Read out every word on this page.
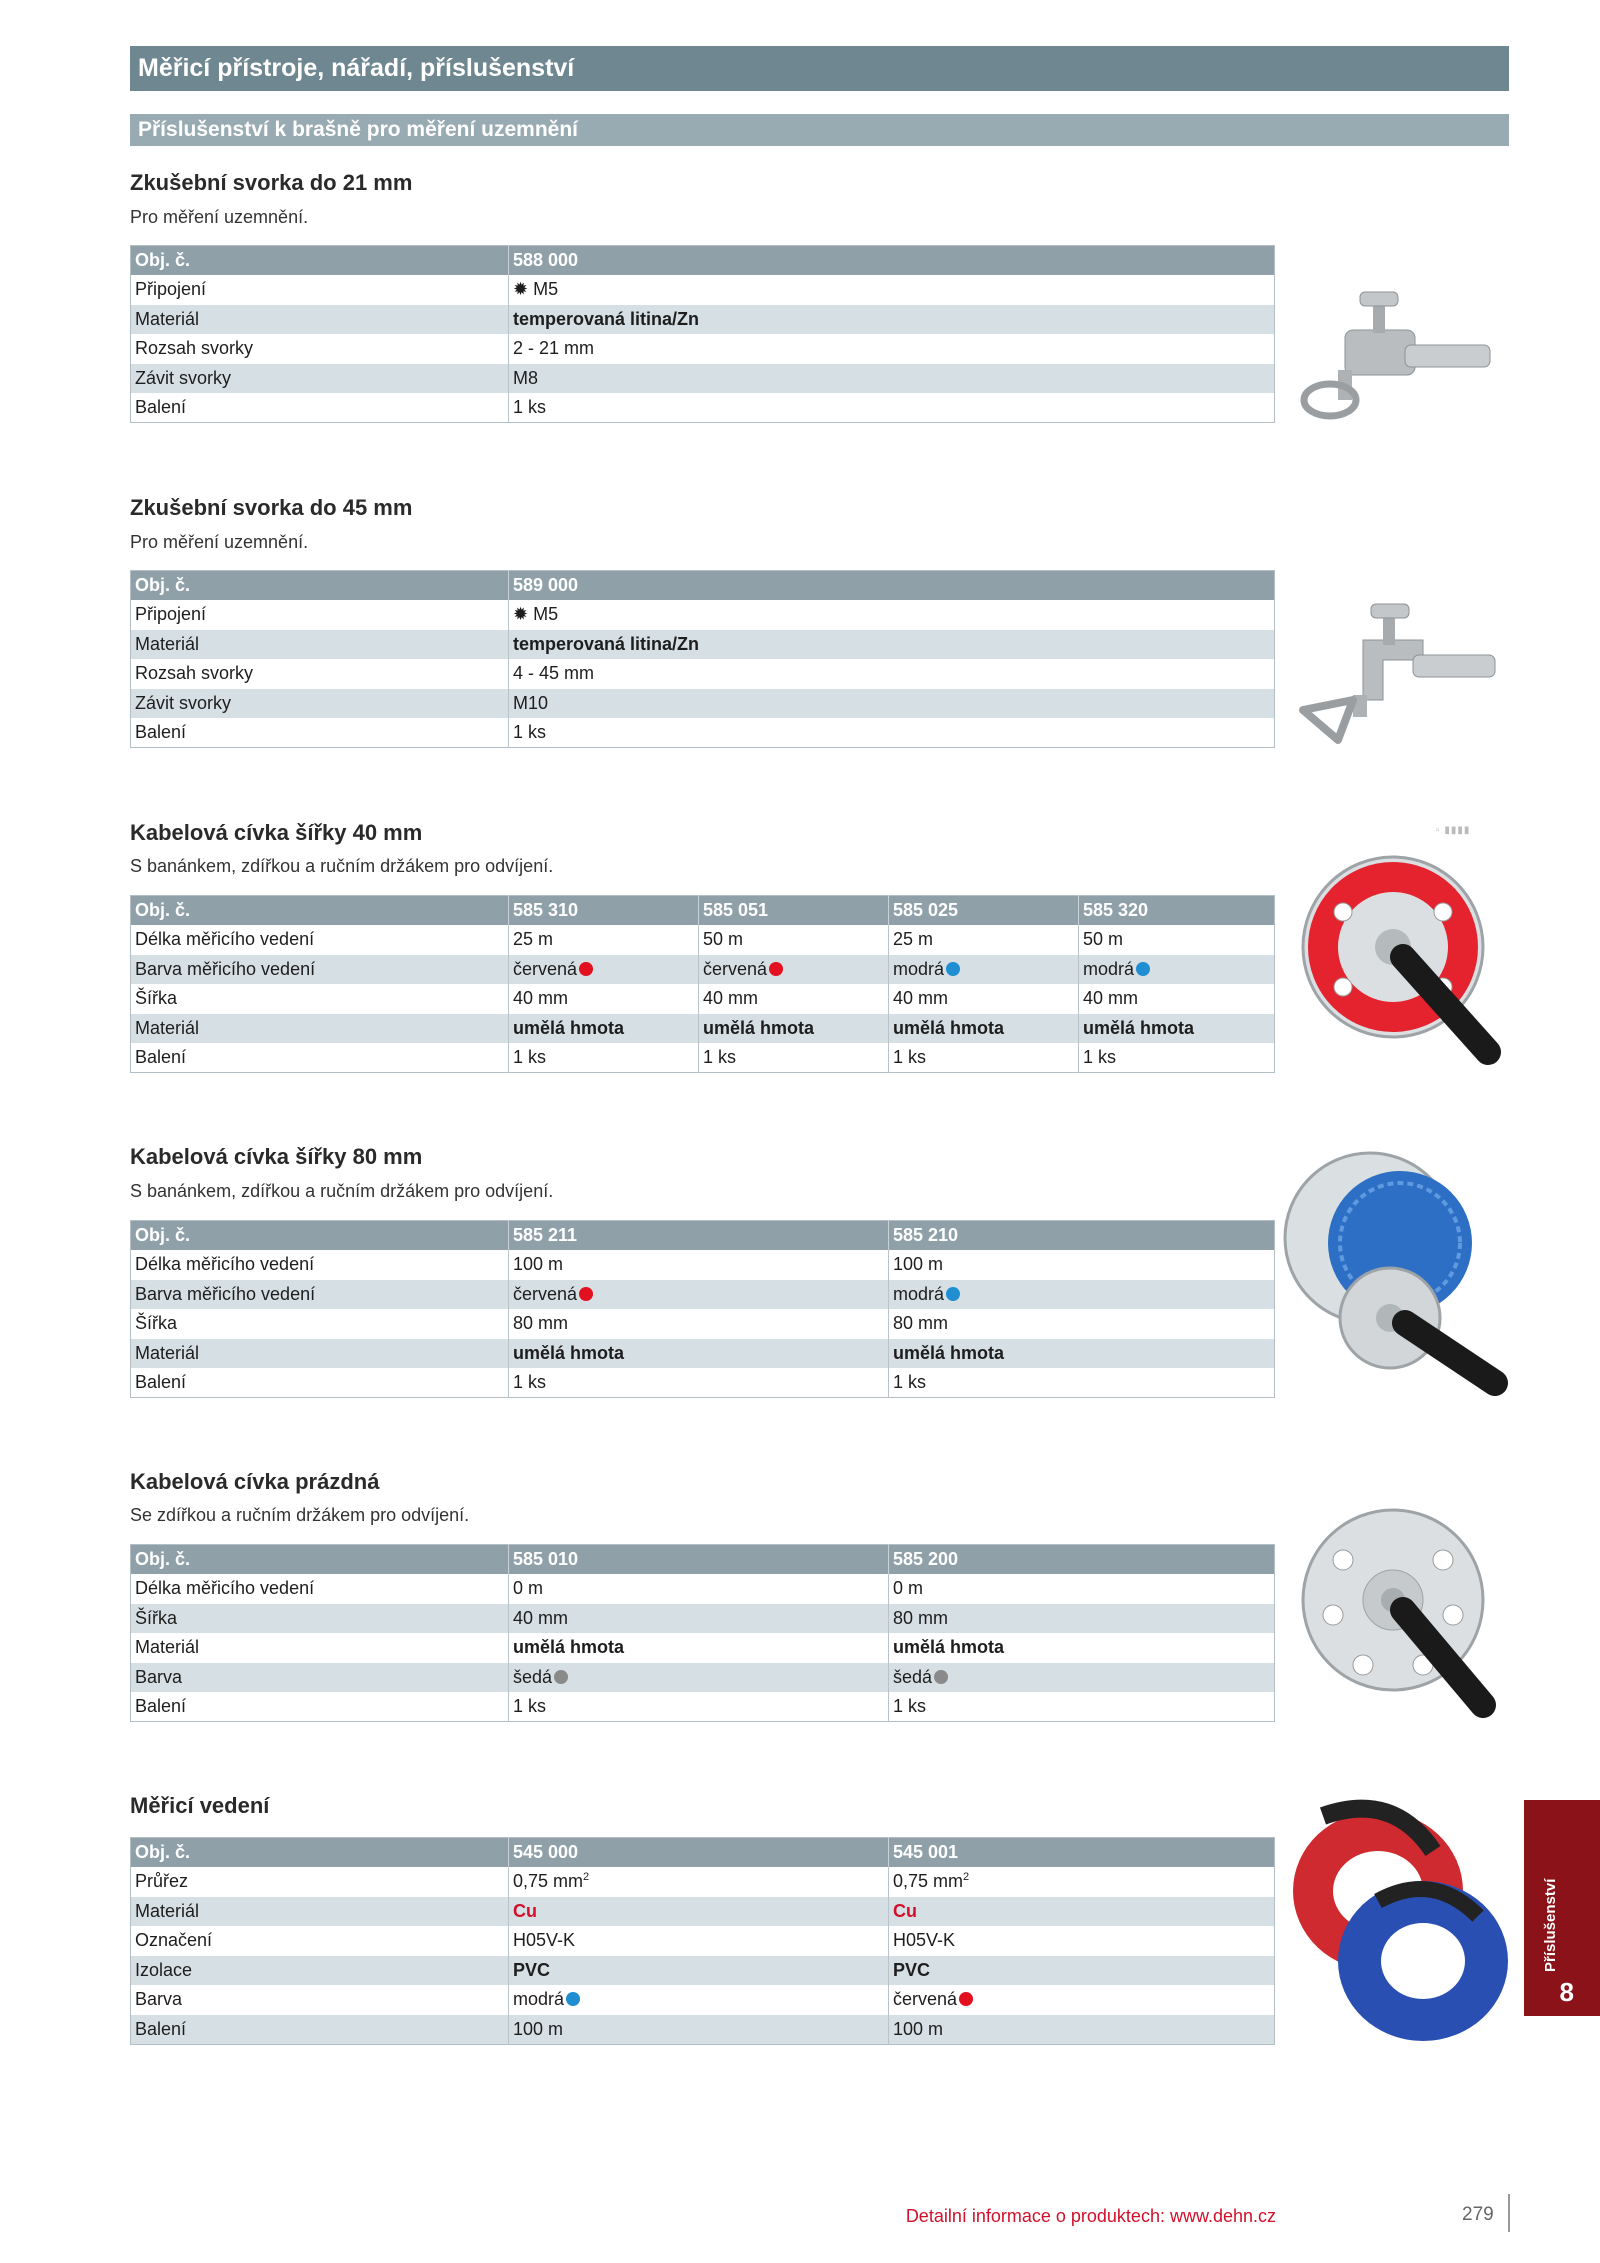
Měřicí přístroje, nářadí, příslušenství
Příslušenství k brašně pro měření uzemnění
Zkušební svorka do 21 mm
Pro měření uzemnění.
Obj. č.	588 000
Připojení	✹ M5
Materiál	temperovaná litina/Zn
Rozsah svorky	2 - 21 mm
Závit svorky	M8
Balení	1 ks
Zkušební svorka do 45 mm
Pro měření uzemnění.
Obj. č.	589 000
Připojení	✹ M5
Materiál	temperovaná litina/Zn
Rozsah svorky	4 - 45 mm
Závit svorky	M10
Balení	1 ks
Kabelová cívka šířky 40 mm
S banánkem, zdířkou a ručním držákem pro odvíjení.
Obj. č.	585 310	585 051	585 025	585 320
Délka měřicího vedení	25 m	50 m	25 m	50 m
Barva měřicího vedení	červená	červená	modrá	modrá
Šířka	40 mm	40 mm	40 mm	40 mm
Materiál	umělá hmota	umělá hmota	umělá hmota	umělá hmota
Balení	1 ks	1 ks	1 ks	1 ks
Kabelová cívka šířky 80 mm
S banánkem, zdířkou a ručním držákem pro odvíjení.
Obj. č.	585 211	585 210
Délka měřicího vedení	100 m	100 m
Barva měřicího vedení	červená	modrá
Šířka	80 mm	80 mm
Materiál	umělá hmota	umělá hmota
Balení	1 ks	1 ks
Kabelová cívka prázdná
Se zdířkou a ručním držákem pro odvíjení.
Obj. č.	585 010	585 200
Délka měřicího vedení	0 m	0 m
Šířka	40 mm	80 mm
Materiál	umělá hmota	umělá hmota
Barva	šedá	šedá
Balení	1 ks	1 ks
Měřicí vedení
Obj. č.	545 000	545 001
Průřez	0,75 $mm^2$	0,75 $mm^2$
Materiál	Cu	Cu
Označení	H05V-K	H05V-K
Izolace	PVC	PVC
Barva	modrá	červená
Balení	100 m	100 m
▫ ▮▮▮▮
Příslušenství
8
Detailní informace o produktech: www.dehn.cz	279
